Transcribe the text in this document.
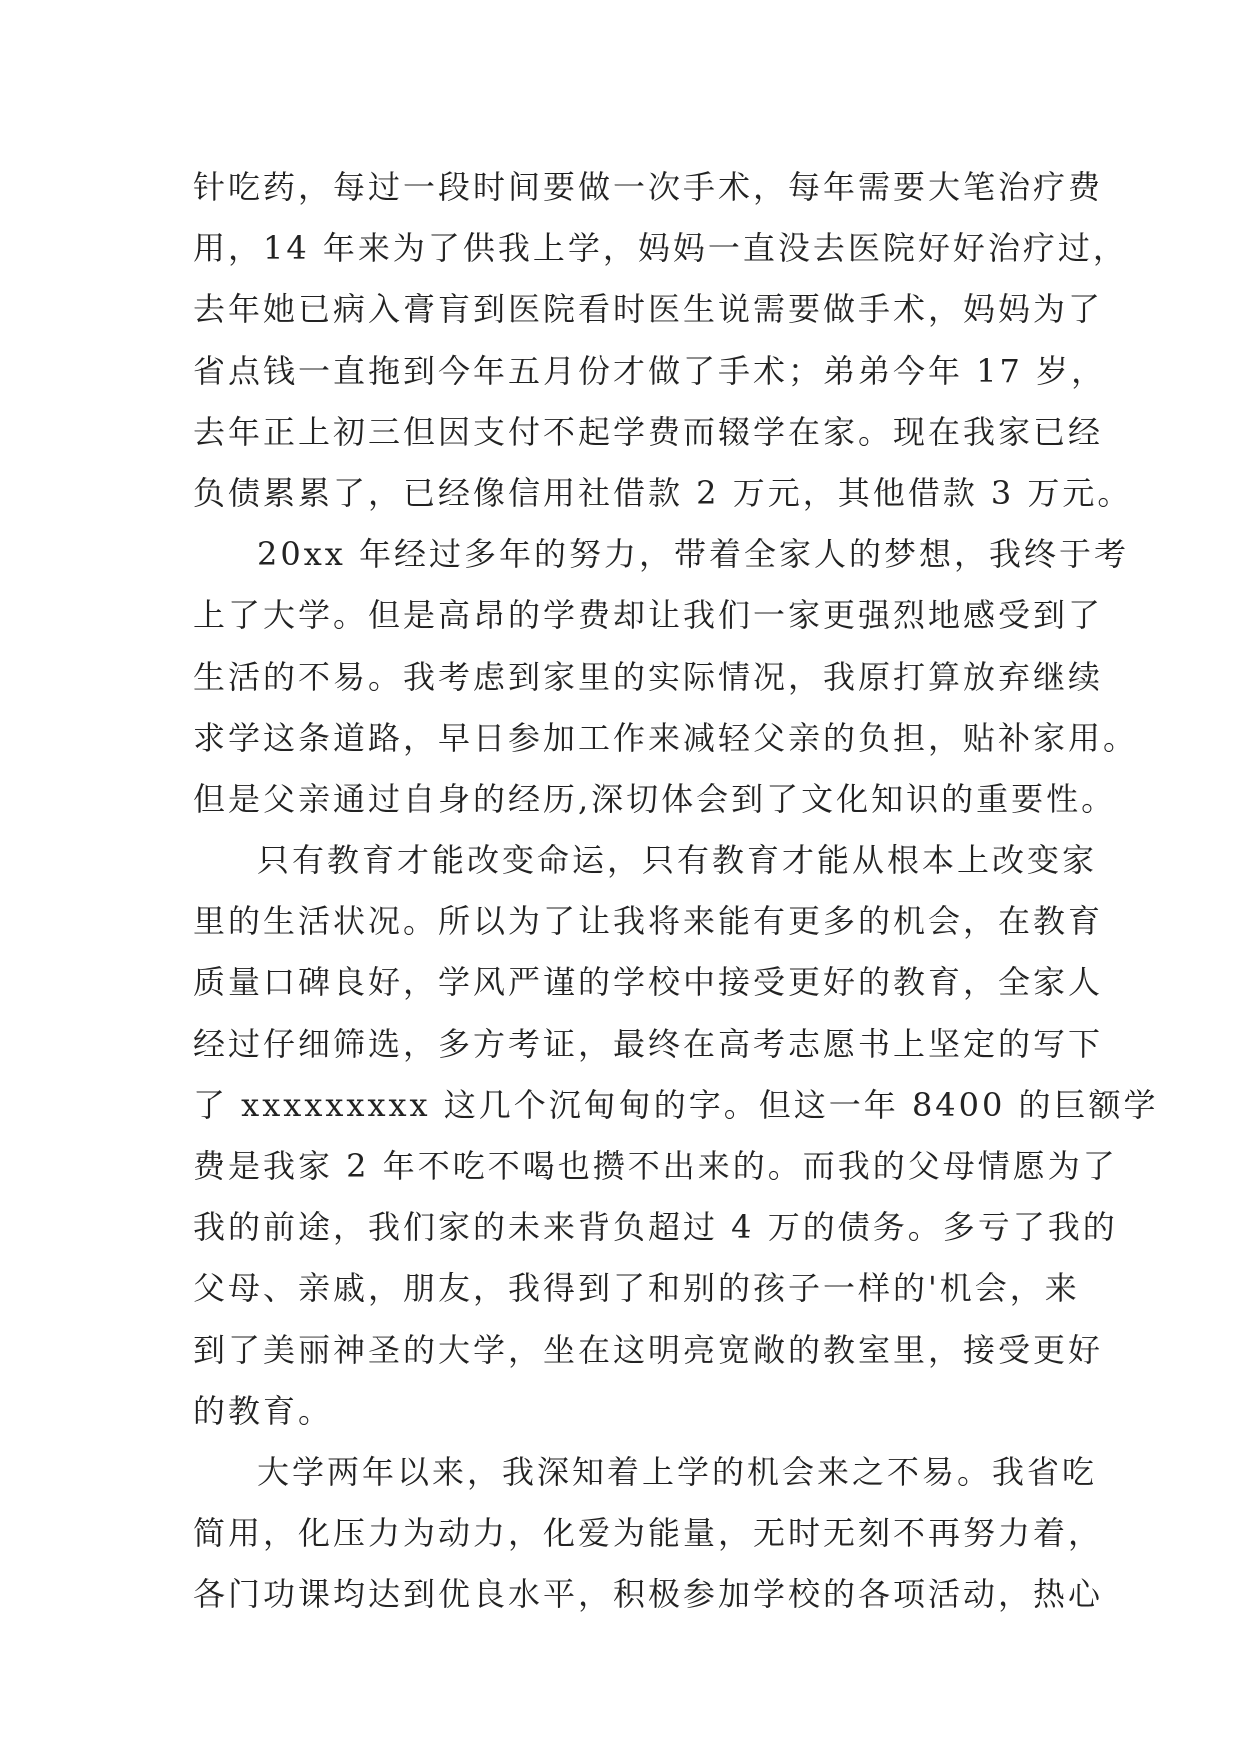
针吃药，每过一段时间要做一次手术，每年需要大笔治疗费
用，14 年来为了供我上学，妈妈一直没去医院好好治疗过，
去年她已病入膏肓到医院看时医生说需要做手术，妈妈为了
省点钱一直拖到今年五月份才做了手术；弟弟今年 17 岁，
去年正上初三但因支付不起学费而辍学在家。现在我家已经
负债累累了，已经像信用社借款 2 万元，其他借款 3 万元。

20xx 年经过多年的努力，带着全家人的梦想，我终于考
上了大学。但是高昂的学费却让我们一家更强烈地感受到了
生活的不易。我考虑到家里的实际情况，我原打算放弃继续
求学这条道路，早日参加工作来减轻父亲的负担，贴补家用。
但是父亲通过自身的经历,深切体会到了文化知识的重要性。

只有教育才能改变命运，只有教育才能从根本上改变家
里的生活状况。所以为了让我将来能有更多的机会，在教育
质量口碑良好，学风严谨的学校中接受更好的教育，全家人
经过仔细筛选，多方考证，最终在高考志愿书上坚定的写下
了 xxxxxxxxx 这几个沉甸甸的字。但这一年 8400 的巨额学
费是我家 2 年不吃不喝也攒不出来的。而我的父母情愿为了
我的前途，我们家的未来背负超过 4 万的债务。多亏了我的
父母、亲戚，朋友，我得到了和别的孩子一样的'机会，来
到了美丽神圣的大学，坐在这明亮宽敞的教室里，接受更好
的教育。

大学两年以来，我深知着上学的机会来之不易。我省吃
简用，化压力为动力，化爱为能量，无时无刻不再努力着，
各门功课均达到优良水平，积极参加学校的各项活动，热心
